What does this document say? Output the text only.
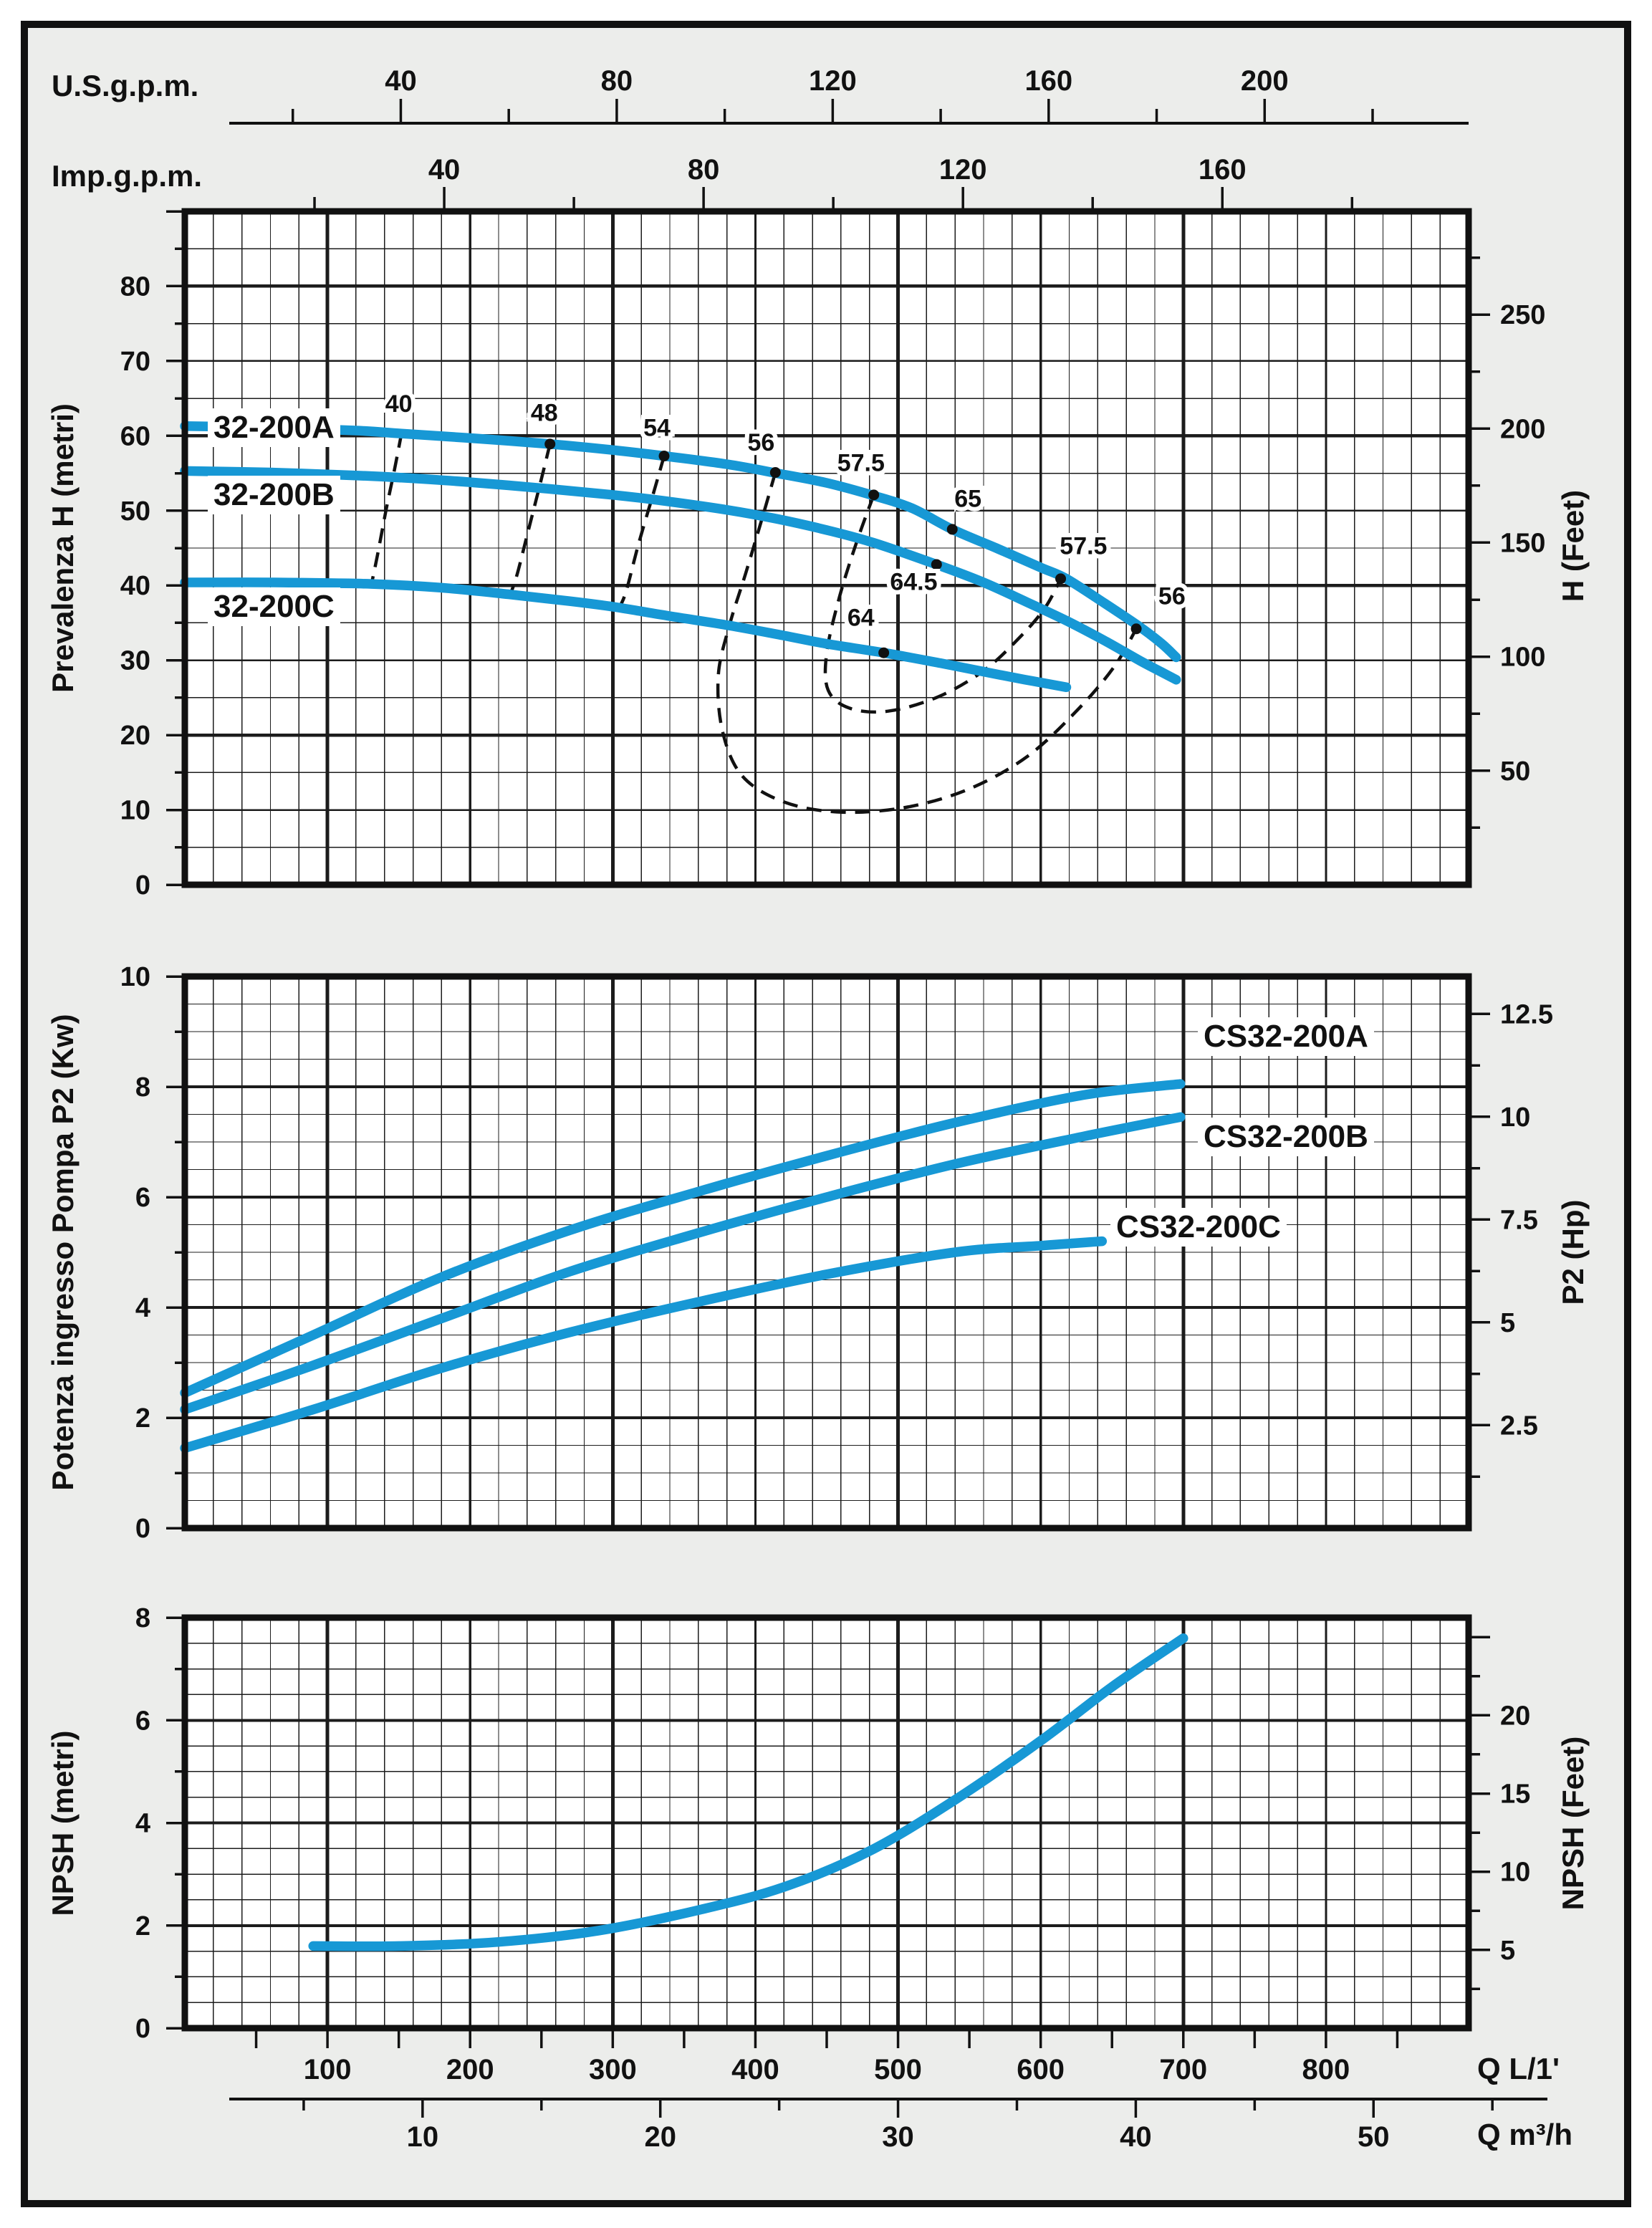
40	48
54
56
56
57.5
57.5
65
64.5
64
0
10
20
30
40
50
60
70
80
50
100
150
200
250
0
2
4
6
8
10
2.5
5
7.5
10
12.5
0
2
4
6
8
5
10
15
20
40	80	120	160	200
40	80	120	160
100	200	300	400	500	600	700	800
10	20	30	40	50
U.S.g.p.m.
Imp.g.p.m.
Prevalenza H (metri)	H (Feet)
Potenza ingresso Pompa P2 (Kw)	P2 (Hp)
NPSH (metri)	NPSH (Feet)
32-200A
32-200B
32-200C
CS32-200A
CS32-200B
CS32-200C
Q L/1'
Q m³/h
